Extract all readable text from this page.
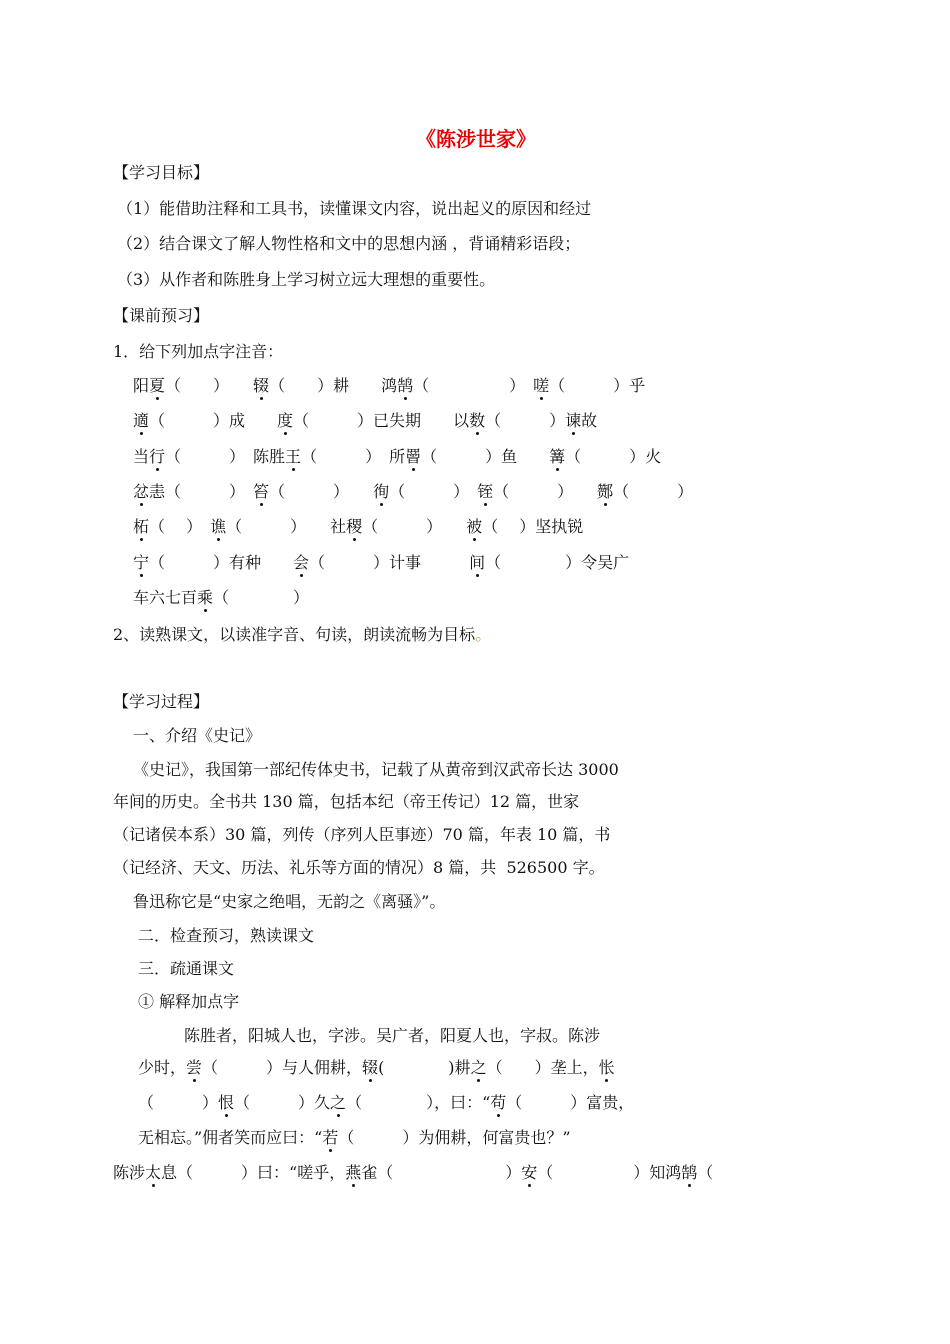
《陈涉世家》
【学习目标】
（1）能借助注释和工具书，读懂课文内容，说出起义的原因和经过
（2）结合课文了解人物性格和文中的思想内涵 ，背诵精彩语段；
（3）从作者和陈胜身上学习树立远大理想的重要性。
【课前预习】
1．给下列加点字注音：
阳夏（　　）　　辍（　　）耕　　鸿鹄（　　　　　）　嗟（　　　）乎
適（　　　）成　　度（　　　）已失期　　以数（　　　）谏故
当行（　　　）　陈胜王（　　　）　所罾（　　　）鱼　　篝（　　　）火
忿恚（　　　）　笞（　　　）　　徇（　　　）　铚（　　　）　　酂（　　　）
柘（　 ）　谯（　　　）　　社稷（　　　）　　被（　 ）坚执锐
宁（　　　）有种　　会（　　　）计事　　　间（　　　　）令吴广
车六七百乘（　　　　）
2、读熟课文，以读准字音、句读，朗读流畅为目标。
【学习过程】
一、介绍《史记》
《史记》，我国第一部纪传体史书，记载了从黄帝到汉武帝长达 3000
年间的历史。全书共 130 篇，包括本纪（帝王传记）12 篇，世家
（记诸侯本系）30 篇，列传（序列人臣事迹）70 篇，年表 10 篇，书
（记经济、天文、历法、礼乐等方面的情况）8 篇，共  526500 字。
鲁迅称它是“史家之绝唱，无韵之《离骚》”。
二．检查预习，熟读课文
三．疏通课文
① 解释加点字
陈胜者，阳城人也，字涉。吴广者，阳夏人也，字叔。陈涉
少时，尝（　　　）与人佣耕，辍(　　　　)耕之（　　）垄上，怅
（　　　）恨（　　　）久之（　　　　），曰：“苟（　　　）富贵，
无相忘。”佣者笑而应曰：“若（　　　）为佣耕，何富贵也？”
陈涉太息（　　　）曰：“嗟乎，燕雀（　　　　　　　）安（　　　　　）知鸿鹄（
